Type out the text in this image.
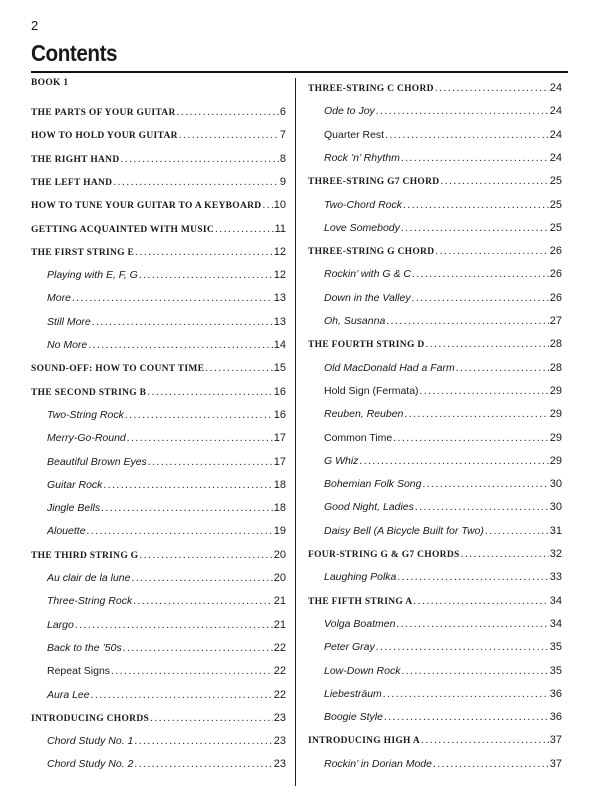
2
Contents
BOOK 1
THE PARTS OF YOUR GUITAR .....	6
HOW TO HOLD YOUR GUITAR .....	7
THE RIGHT HAND .....	8
THE LEFT HAND .....	9
HOW TO TUNE YOUR GUITAR TO A KEYBOARD ..... 10
GETTING ACQUAINTED WITH MUSIC .....	11
THE FIRST STRING E .....	12
Playing with E, F, G .....	12
More .....	13
Still More .....	13
No More .....	14
SOUND-OFF: HOW TO COUNT TIME .....	15
THE SECOND STRING B .....	16
Two-String Rock .....	16
Merry-Go-Round .....	17
Beautiful Brown Eyes .....	17
Guitar Rock .....	18
Jingle Bells .....	18
Alouette .....	19
THE THIRD STRING G .....	20
Au clair de la lune .....	20
Three-String Rock .....	21
Largo .....	21
Back to the ’50s .....	22
Repeat Signs .....	22
Aura Lee .....	22
INTRODUCING CHORDS .....	23
Chord Study No. 1 .....	23
Chord Study No. 2 .....	23
THREE-STRING C CHORD .....	24
Ode to Joy .....	24
Quarter Rest .....	24
Rock ’n’ Rhythm .....	24
THREE-STRING G7 CHORD .....	25
Two-Chord Rock .....	25
Love Somebody .....	25
THREE-STRING G CHORD .....	26
Rockin’ with G & C .....	26
Down in the Valley .....	26
Oh, Susanna .....	27
THE FOURTH STRING D .....	28
Old MacDonald Had a Farm .....	28
Hold Sign (Fermata) .....	29
Reuben, Reuben .....	29
Common Time .....	29
G Whiz .....	29
Bohemian Folk Song .....	30
Good Night, Ladies .....	30
Daisy Bell (A Bicycle Built for Two) .....	31
FOUR-STRING G & G7 CHORDS .....	32
Laughing Polka .....	33
THE FIFTH STRING A .....	34
Volga Boatmen .....	34
Peter Gray .....	35
Low-Down Rock .....	35
Liebesträum .....	36
Boogie Style .....	36
INTRODUCING HIGH A .....	37
Rockin’ in Dorian Mode .....	37
